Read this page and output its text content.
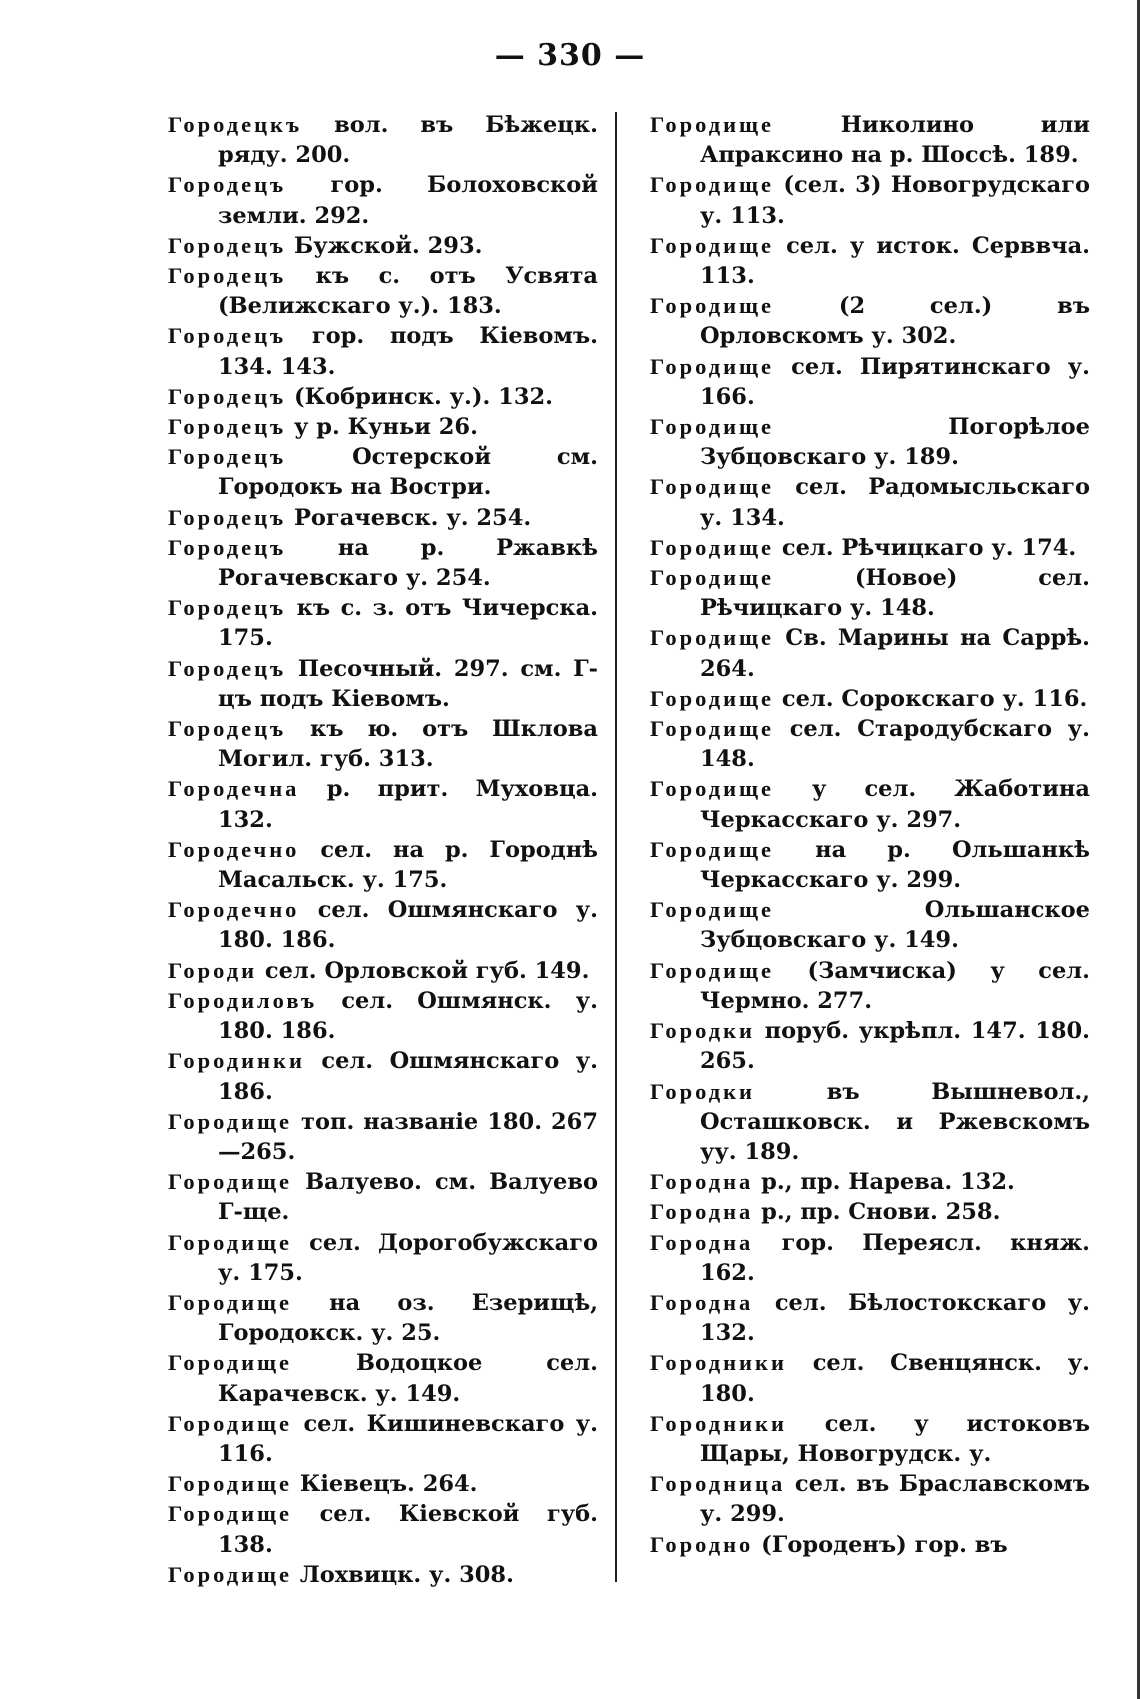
— 330 —

Городецкъ вол. въ Бѣжецк. ряду. 200.

Городецъ гор. Болоховской земли. 292.

Городецъ Бужской. 293.

Городецъ къ с. отъ Усвята (Велижскаго у.). 183.

Городецъ гор. подъ Кіевомъ. 134. 143.

Городецъ (Кобринск. у.). 132.

Городецъ у р. Куньи 26.

Городецъ Остерской см. Городокъ на Востри.

Городецъ Рогачевск. у. 254.

Городецъ на р. Ржавкѣ Рогачевскаго у. 254.

Городецъ къ с. з. отъ Чичерска. 175.

Городецъ Песочный. 297. см. Г-цъ подъ Кіевомъ.

Городецъ къ ю. отъ Шклова Могил. губ. 313.

Городечна р. прит. Муховца. 132.

Городечно сел. на р. Городнѣ Масальск. у. 175.

Городечно сел. Ошмянскаго у. 180. 186.

Городи сел. Орловской губ. 149.

Городиловъ сел. Ошмянск. у. 180. 186.

Городинки сел. Ошмянскаго у. 186.

Городище топ. названіе 180. 267—265.

Городище Валуево. см. Валуево Г-ще.

Городище сел. Дорогобужскаго у. 175.

Городище на оз. Езерищѣ, Городокск. у. 25.

Городище Водоцкое сел. Карачевск. у. 149.

Городище сел. Кишиневскаго у. 116.

Городище Кіевецъ. 264.

Городище сел. Кіевской губ. 138.

Городище Лохвицк. у. 308.

Городище Николино или Апраксино на р. Шоссѣ. 189.

Городище (сел. 3) Новогрудскаго у. 113.

Городище сел. у исток. Серввча. 113.

Городище (2 сел.) въ Орловскомъ у. 302.

Городище сел. Пирятинскаго у. 166.

Городище Погорѣлое Зубцовскаго у. 189.

Городище сел. Радомысльскаго у. 134.

Городище сел. Рѣчицкаго у. 174.

Городище (Новое) сел. Рѣчицкаго у. 148.

Городище Св. Марины на Саррѣ. 264.

Городище сел. Сорокскаго у. 116.

Городище сел. Стародубскаго у. 148.

Городище у сел. Жаботина Черкасскаго у. 297.

Городище на р. Ольшанкѣ Черкасскаго у. 299.

Городище Ольшанское Зубцовскаго у. 149.

Городище (Замчиска) у сел. Чермно. 277.

Городки поруб. укрѣпл. 147. 180. 265.

Городки въ Вышневол., Осташковск. и Ржевскомъ уу. 189.

Городна р., пр. Нарева. 132.

Городна р., пр. Снови. 258.

Городна гор. Переясл. княж. 162.

Городна сел. Бѣлостокскаго у. 132.

Городники сел. Свенцянск. у. 180.

Городники сел. у истоковъ Щары, Новогрудск. у.

Городница сел. въ Браславскомъ у. 299.

Городно (Городенъ) гор. въ
